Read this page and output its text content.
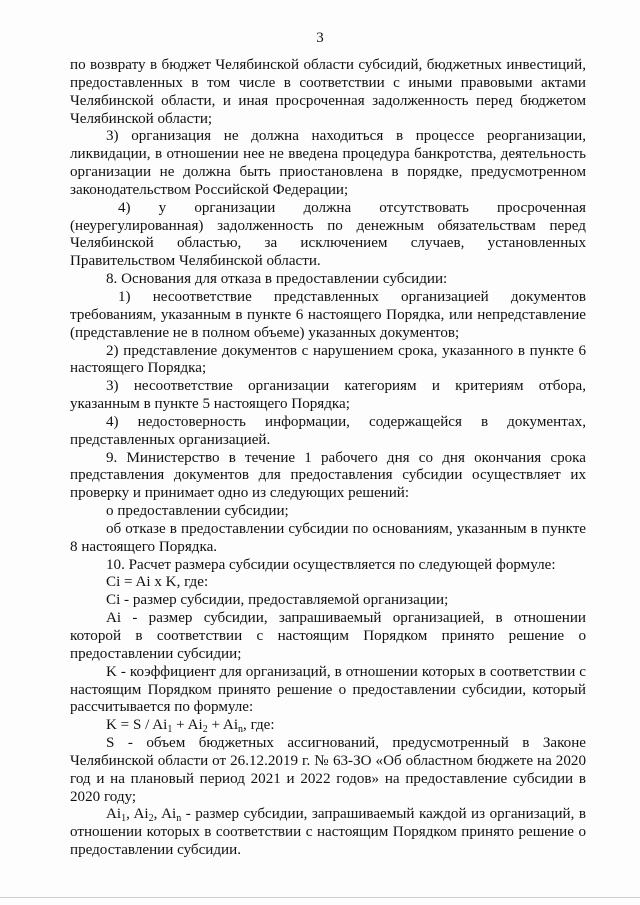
3

по возврату в бюджет Челябинской области субсидий, бюджетных инвестиций, предоставленных в том числе в соответствии с иными правовыми актами Челябинской области, и иная просроченная задолженность перед бюджетом Челябинской области;

3) организация не должна находиться в процессе реорганизации, ликвидации, в отношении нее не введена процедура банкротства, деятельность организации не должна быть приостановлена в порядке, предусмотренном законодательством Российской Федерации;

4) у организации должна отсутствовать просроченная (неурегулированная) задолженность по денежным обязательствам перед Челябинской областью, за исключением случаев, установленных Правительством Челябинской области.

8. Основания для отказа в предоставлении субсидии:

1) несоответствие представленных организацией документов требованиям, указанным в пункте 6 настоящего Порядка, или непредставление (представление не в полном объеме) указанных документов;

2) представление документов с нарушением срока, указанного в пункте 6 настоящего Порядка;

3) несоответствие организации категориям и критериям отбора, указанным в пункте 5 настоящего Порядка;

4) недостоверность информации, содержащейся в документах, представленных организацией.

9. Министерство в течение 1 рабочего дня со дня окончания срока представления документов для предоставления субсидии осуществляет их проверку и принимает одно из следующих решений:

о предоставлении субсидии;

об отказе в предоставлении субсидии по основаниям, указанным в пункте 8 настоящего Порядка.

10. Расчет размера субсидии осуществляется по следующей формуле:

Ci = Ai x K, где:

Ci - размер субсидии, предоставляемой организации;

Ai - размер субсидии, запрашиваемый организацией, в отношении которой в соответствии с настоящим Порядком принято решение о предоставлении субсидии;

K - коэффициент для организаций, в отношении которых в соответствии с настоящим Порядком принято решение о предоставлении субсидии, который рассчитывается по формуле:

$K = S / Ai_1 + Ai_2 + Ai_n$, где:

S - объем бюджетных ассигнований, предусмотренный в Законе Челябинской области от 26.12.2019 г. № 63-ЗО «Об областном бюджете на 2020 год и на плановый период 2021 и 2022 годов» на предоставление субсидии в 2020 году;

$Ai_1$, $Ai_2$, $Ai_n$ - размер субсидии, запрашиваемый каждой из организаций, в отношении которых в соответствии с настоящим Порядком принято решение о предоставлении субсидии.
